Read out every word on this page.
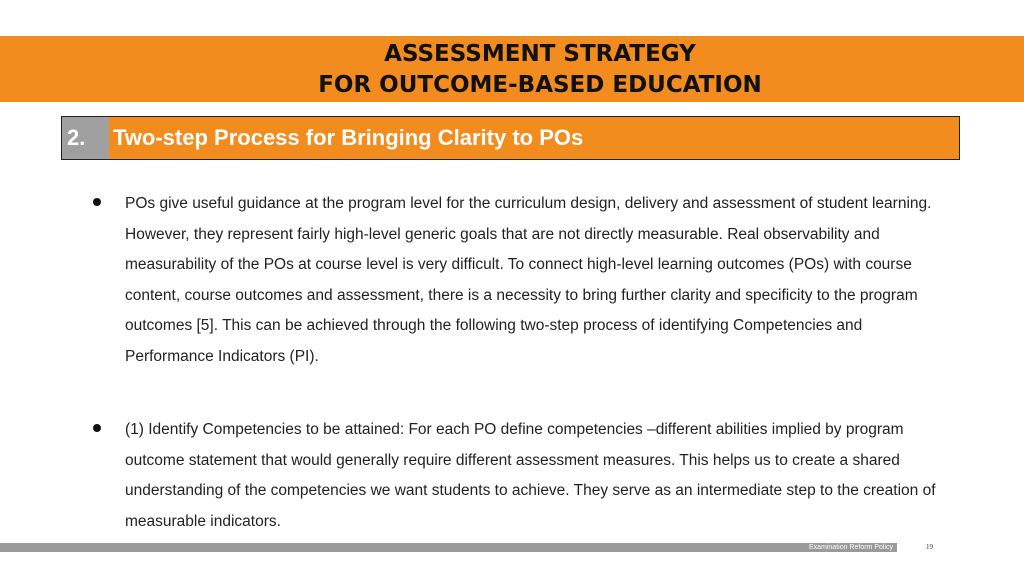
ASSESSMENT STRATEGY
FOR OUTCOME-BASED EDUCATION
2.	Two-step Process for Bringing Clarity to POs
POs give useful guidance at the program level for the curriculum design, delivery and assessment of student learning. However, they represent fairly high-level generic goals that are not directly measurable. Real observability and measurability of the POs at course level is very difficult. To connect high-level learning outcomes (POs) with course content, course outcomes and assessment, there is a necessity to bring further clarity and specificity to the program outcomes [5]. This can be achieved through the following two-step process of identifying Competencies and Performance Indicators (PI).
(1) Identify Competencies to be attained: For each PO define competencies –different abilities implied by program outcome statement that would generally require different assessment measures. This helps us to create a shared understanding of the competencies we want students to achieve. They serve as an intermediate step to the creation of measurable indicators.
Examination Reform Policy	19
